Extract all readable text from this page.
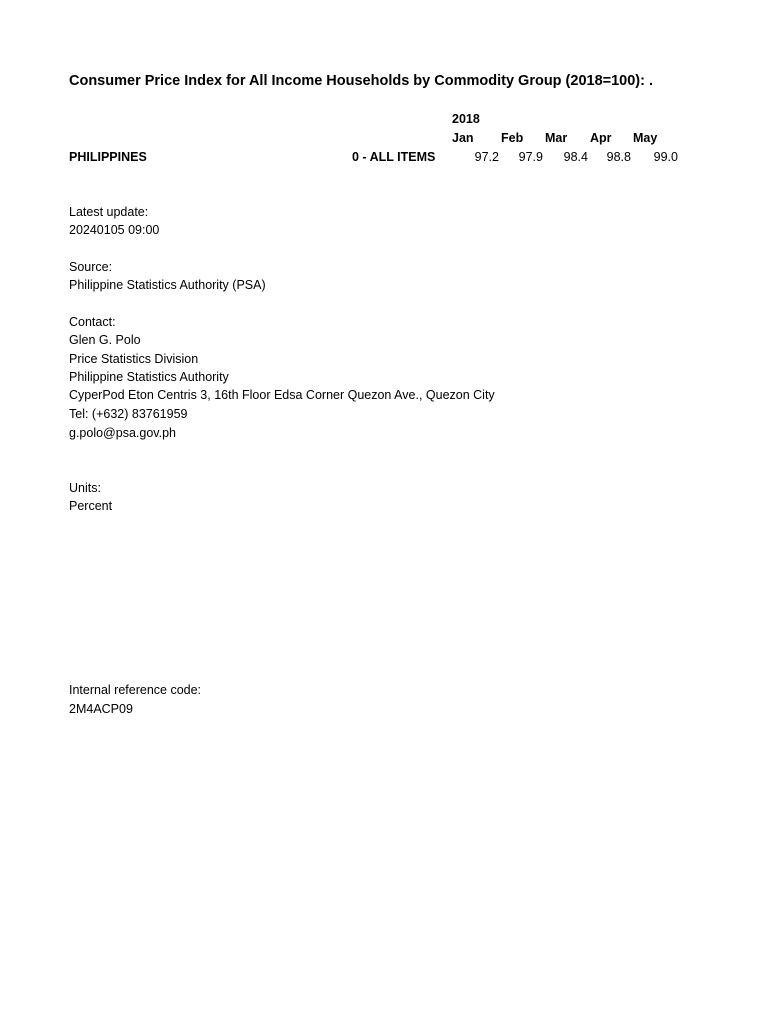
Consumer Price Index for All Income Households by Commodity Group (2018=100): .
2018
Jan Feb Mar Apr May
PHILIPPINES	0 - ALL ITEMS	97.2	97.9	98.4	98.8	99.0
Latest update:
20240105 09:00
Source:
Philippine Statistics Authority (PSA)
Contact:
Glen G. Polo
Price Statistics Division
Philippine Statistics Authority
CyperPod Eton Centris 3, 16th Floor Edsa Corner Quezon Ave., Quezon City
Tel: (+632) 83761959
g.polo@psa.gov.ph
Units:
Percent
Internal reference code:
2M4ACP09
